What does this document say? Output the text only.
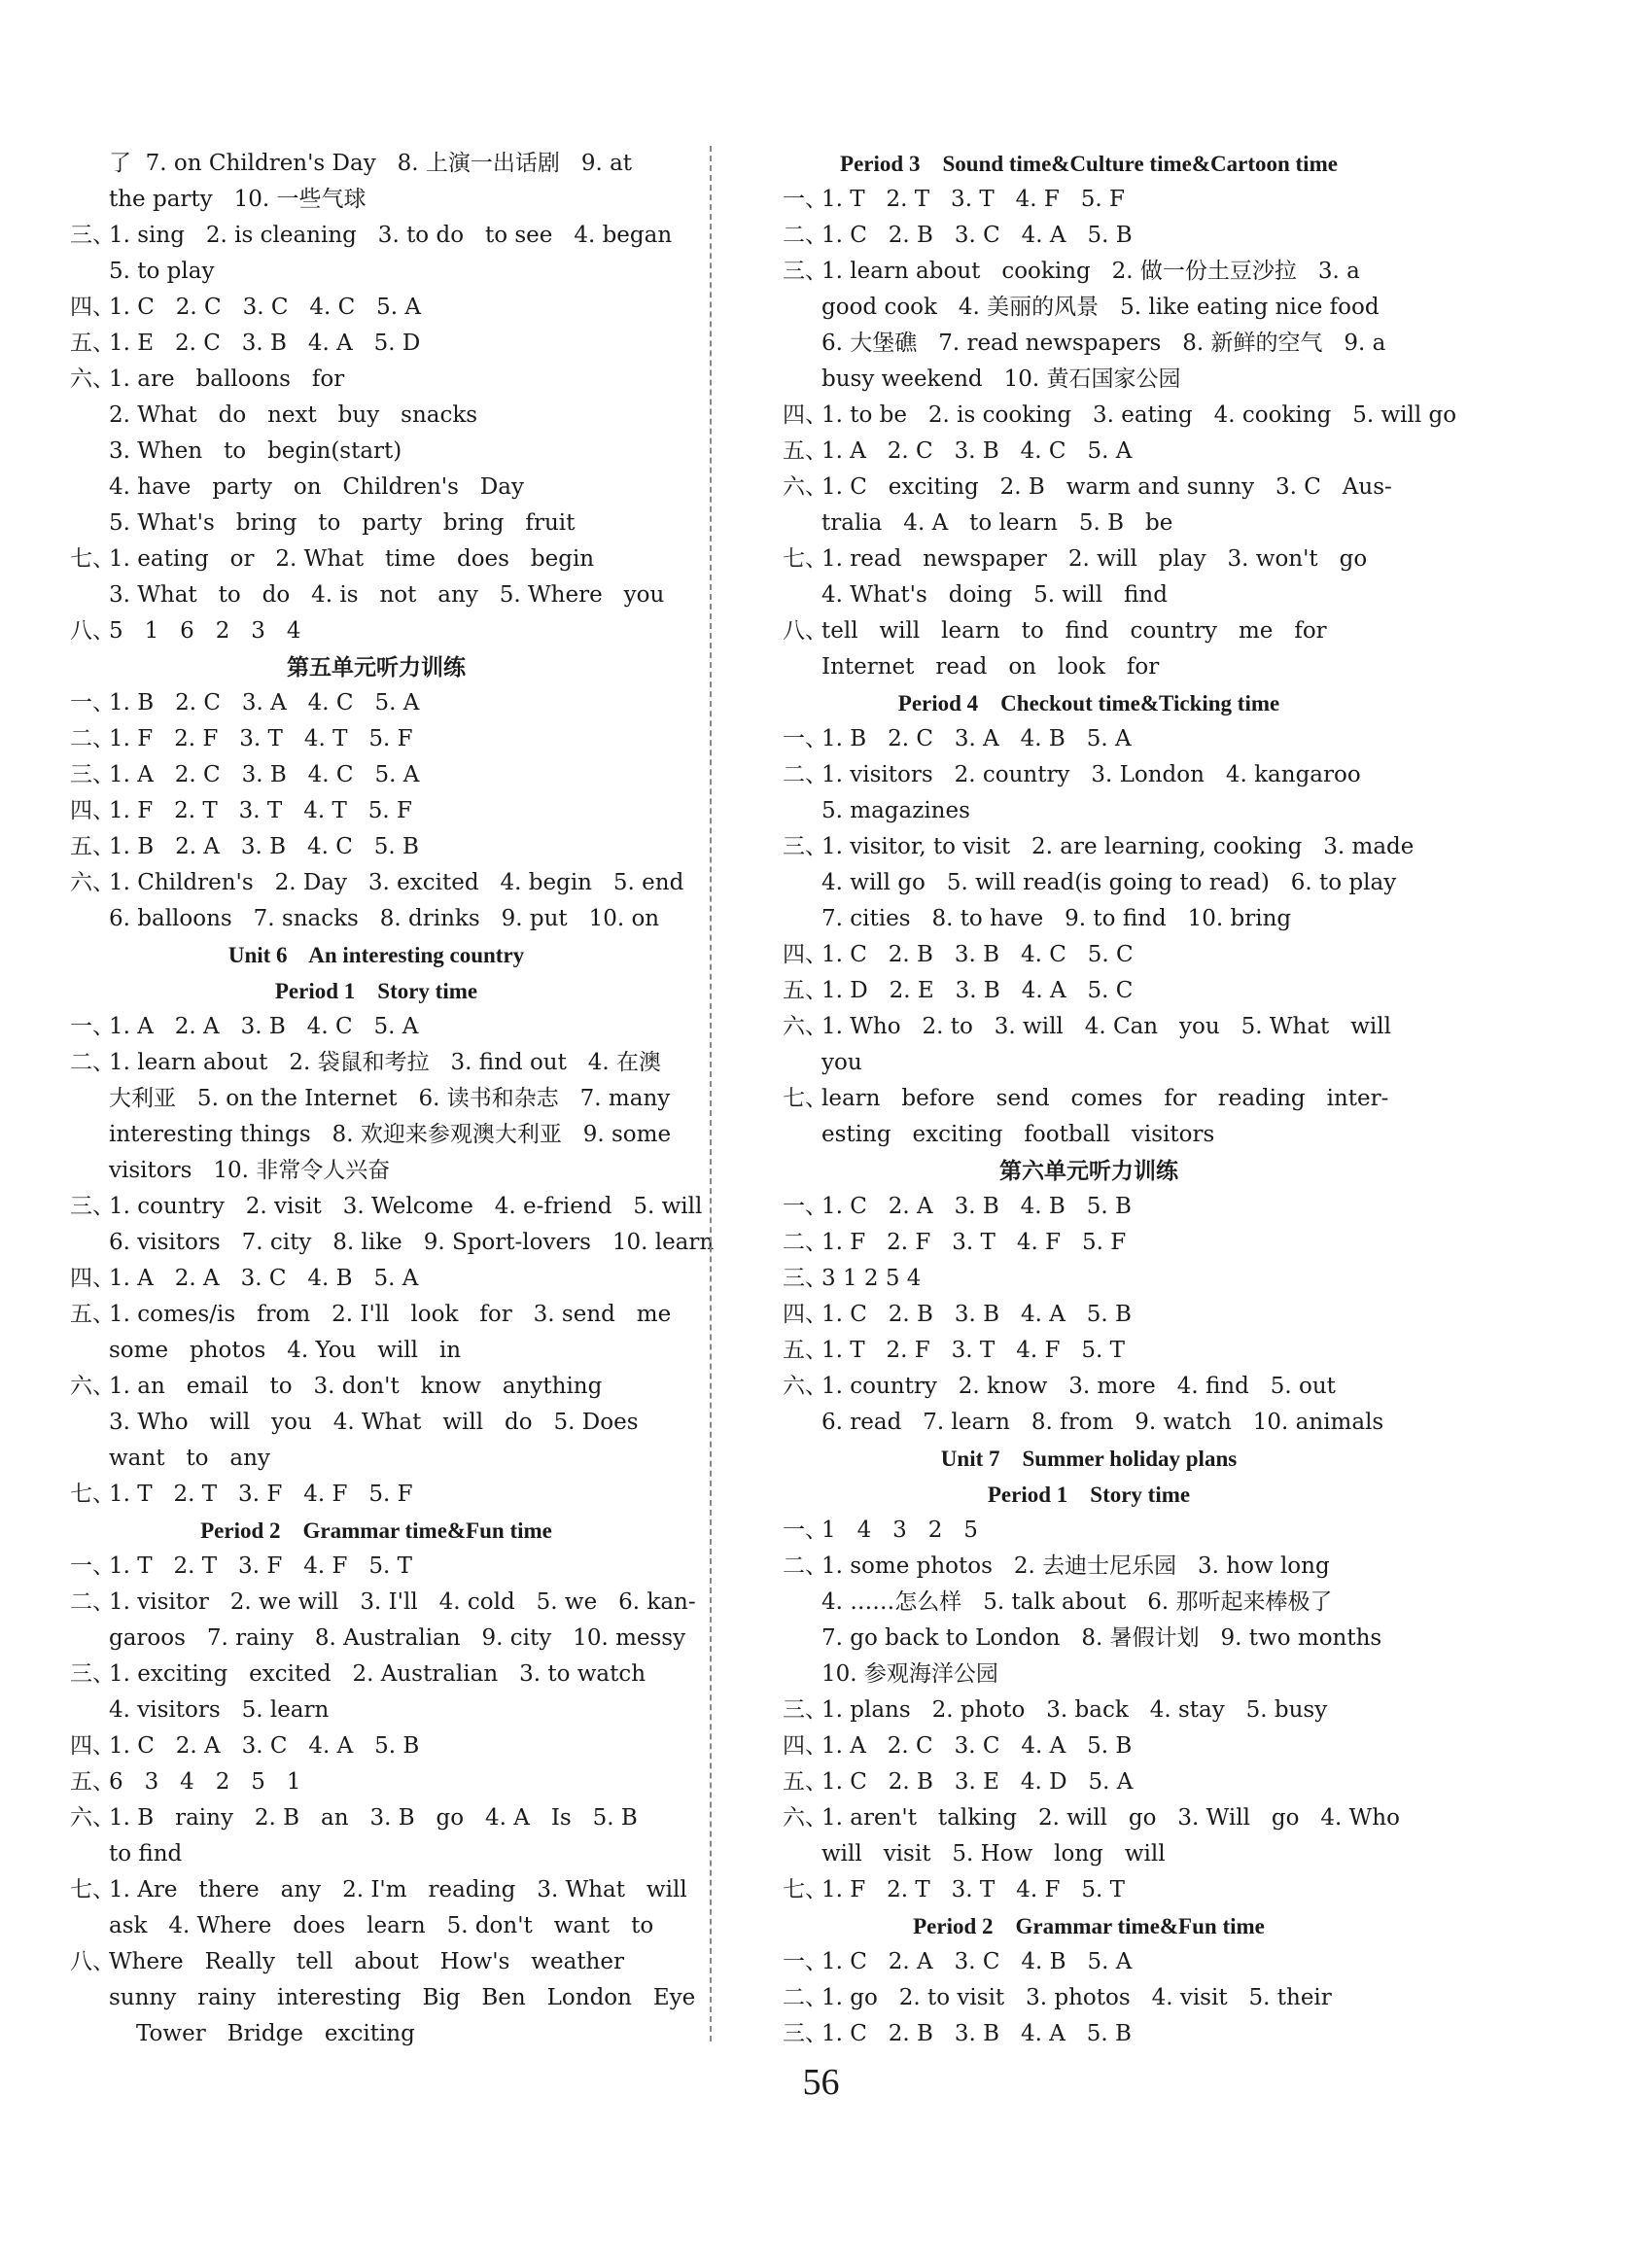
了  7. on Children's Day   8. 上演一出话剧   9. at
the party   10. 一些气球
三、
1. sing   2. is cleaning   3. to do   to see   4. began
5. to play
四、
1. C   2. C   3. C   4. C   5. A
五、
1. E   2. C   3. B   4. A   5. D
六、
1. are   balloons   for
2. What   do   next   buy   snacks
3. When   to   begin(start)
4. have   party   on   Children's   Day
5. What's   bring   to   party   bring   fruit
七、
1. eating   or   2. What   time   does   begin
3. What   to   do   4. is   not   any   5. Where   you
八、
5   1   6   2   3   4
第五单元听力训练
一、
1. B   2. C   3. A   4. C   5. A
二、
1. F   2. F   3. T   4. T   5. F
三、
1. A   2. C   3. B   4. C   5. A
四、
1. F   2. T   3. T   4. T   5. F
五、
1. B   2. A   3. B   4. C   5. B
六、
1. Children's   2. Day   3. excited   4. begin   5. end
6. balloons   7. snacks   8. drinks   9. put   10. on
Unit 6    An interesting country
Period 1    Story time
一、
1. A   2. A   3. B   4. C   5. A
二、
1. learn about   2. 袋鼠和考拉   3. find out   4. 在澳
大利亚   5. on the Internet   6. 读书和杂志   7. many
interesting things   8. 欢迎来参观澳大利亚   9. some
visitors   10. 非常令人兴奋
三、
1. country   2. visit   3. Welcome   4. e-friend   5. will
6. visitors   7. city   8. like   9. Sport-lovers   10. learn
四、
1. A   2. A   3. C   4. B   5. A
五、
1. comes/is   from   2. I'll   look   for   3. send   me
some   photos   4. You   will   in
六、
1. an   email   to   3. don't   know   anything
3. Who   will   you   4. What   will   do   5. Does
want   to   any
七、
1. T   2. T   3. F   4. F   5. F
Period 2    Grammar time&Fun time
一、
1. T   2. T   3. F   4. F   5. T
二、
1. visitor   2. we will   3. I'll   4. cold   5. we   6. kan-
garoos   7. rainy   8. Australian   9. city   10. messy
三、
1. exciting   excited   2. Australian   3. to watch
4. visitors   5. learn
四、
1. C   2. A   3. C   4. A   5. B
五、
6   3   4   2   5   1
六、
1. B   rainy   2. B   an   3. B   go   4. A   Is   5. B
to find
七、
1. Are   there   any   2. I'm   reading   3. What   will
ask   4. Where   does   learn   5. don't   want   to
八、
Where   Really   tell   about   How's   weather
sunny   rainy   interesting   Big   Ben   London   Eye
Tower   Bridge   exciting
Period 3    Sound time&Culture time&Cartoon time
一、
1. T   2. T   3. T   4. F   5. F
二、
1. C   2. B   3. C   4. A   5. B
三、
1. learn about   cooking   2. 做一份土豆沙拉   3. a
good cook   4. 美丽的风景   5. like eating nice food
6. 大堡礁   7. read newspapers   8. 新鲜的空气   9. a
busy weekend   10. 黄石国家公园
四、
1. to be   2. is cooking   3. eating   4. cooking   5. will go
五、
1. A   2. C   3. B   4. C   5. A
六、
1. C   exciting   2. B   warm and sunny   3. C   Aus-
tralia   4. A   to learn   5. B   be
七、
1. read   newspaper   2. will   play   3. won't   go
4. What's   doing   5. will   find
八、
tell   will   learn   to   find   country   me   for
Internet   read   on   look   for
Period 4    Checkout time&Ticking time
一、
1. B   2. C   3. A   4. B   5. A
二、
1. visitors   2. country   3. London   4. kangaroo
5. magazines
三、
1. visitor, to visit   2. are learning, cooking   3. made
4. will go   5. will read(is going to read)   6. to play
7. cities   8. to have   9. to find   10. bring
四、
1. C   2. B   3. B   4. C   5. C
五、
1. D   2. E   3. B   4. A   5. C
六、
1. Who   2. to   3. will   4. Can   you   5. What   will
you
七、
learn   before   send   comes   for   reading   inter-
esting   exciting   football   visitors
第六单元听力训练
一、
1. C   2. A   3. B   4. B   5. B
二、
1. F   2. F   3. T   4. F   5. F
三、
3 1 2 5 4
四、
1. C   2. B   3. B   4. A   5. B
五、
1. T   2. F   3. T   4. F   5. T
六、
1. country   2. know   3. more   4. find   5. out
6. read   7. learn   8. from   9. watch   10. animals
Unit 7    Summer holiday plans
Period 1    Story time
一、
1   4   3   2   5
二、
1. some photos   2. 去迪士尼乐园   3. how long
4. ……怎么样   5. talk about   6. 那听起来棒极了
7. go back to London   8. 暑假计划   9. two months
10. 参观海洋公园
三、
1. plans   2. photo   3. back   4. stay   5. busy
四、
1. A   2. C   3. C   4. A   5. B
五、
1. C   2. B   3. E   4. D   5. A
六、
1. aren't   talking   2. will   go   3. Will   go   4. Who
will   visit   5. How   long   will
七、
1. F   2. T   3. T   4. F   5. T
Period 2    Grammar time&Fun time
一、
1. C   2. A   3. C   4. B   5. A
二、
1. go   2. to visit   3. photos   4. visit   5. their
三、
1. C   2. B   3. B   4. A   5. B
56
